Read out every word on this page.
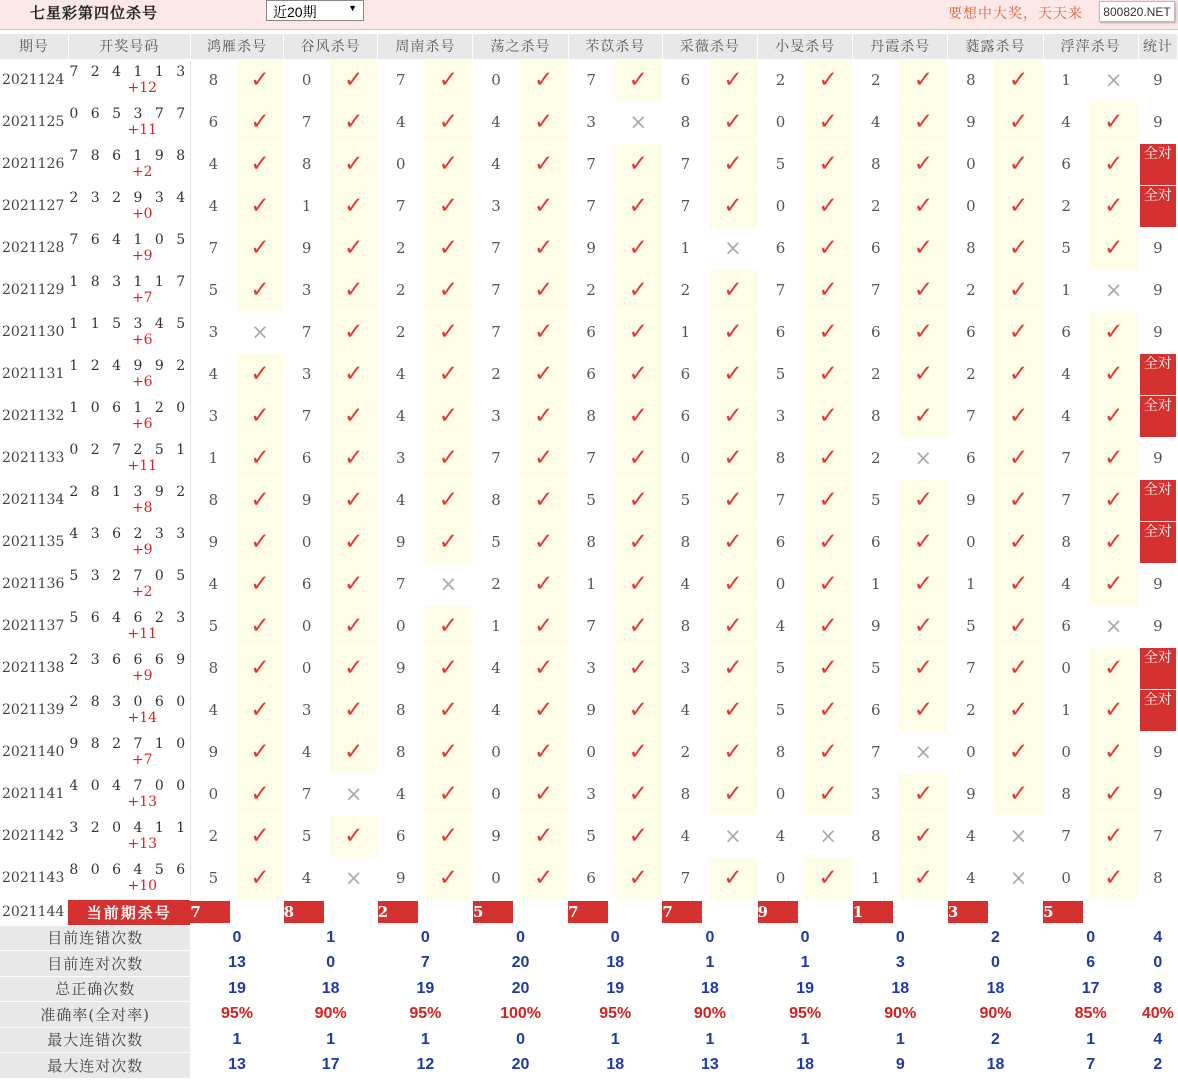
七星彩第四位杀号	近20期	▼	要想中大奖，天天来	800820.NET
期号	开奖号码	鸿雁杀号		谷风杀号		周南杀号		荡之杀号		芣苡杀号		采薇杀号		小旻杀号		丹霞杀号		蕤露杀号		浮萍杀号		统计
2021124	7 2 4 1 1 3
+12	8	✓	0	✓	7	✓	0	✓	7	✓	6	✓	2	✓	2	✓	8	✓	1	×	9
2021125	0 6 5 3 7 7
+11	6	✓	7	✓	4	✓	4	✓	3	×	8	✓	0	✓	4	✓	9	✓	4	✓	9
2021126	7 8 6 1 9 8
+2	4	✓	8	✓	0	✓	4	✓	7	✓	7	✓	5	✓	8	✓	0	✓	6	✓	全对

2021127	2 3 2 9 3 4
+0	4	✓	1	✓	7	✓	3	✓	7	✓	7	✓	0	✓	2	✓	0	✓	2	✓	全对

2021128	7 6 4 1 0 5
+9	7	✓	9	✓	2	✓	7	✓	9	✓	1	×	6	✓	6	✓	8	✓	5	✓	9
2021129	1 8 3 1 1 7
+7	5	✓	3	✓	2	✓	7	✓	2	✓	2	✓	7	✓	7	✓	2	✓	1	×	9
2021130	1 1 5 3 4 5
+6	3	×	7	✓	2	✓	7	✓	6	✓	1	✓	6	✓	6	✓	6	✓	6	✓	9
2021131	1 2 4 9 9 2
+6	4	✓	3	✓	4	✓	2	✓	6	✓	6	✓	5	✓	2	✓	2	✓	4	✓	全对

2021132	1 0 6 1 2 0
+6	3	✓	7	✓	4	✓	3	✓	8	✓	6	✓	3	✓	8	✓	7	✓	4	✓	全对

2021133	0 2 7 2 5 1
+11	1	✓	6	✓	3	✓	7	✓	7	✓	0	✓	8	✓	2	×	6	✓	7	✓	9
2021134	2 8 1 3 9 2
+8	8	✓	9	✓	4	✓	8	✓	5	✓	5	✓	7	✓	5	✓	9	✓	7	✓	全对

2021135	4 3 6 2 3 3
+9	9	✓	0	✓	9	✓	5	✓	8	✓	8	✓	6	✓	6	✓	0	✓	8	✓	全对

2021136	5 3 2 7 0 5
+2	4	✓	6	✓	7	×	2	✓	1	✓	4	✓	0	✓	1	✓	1	✓	4	✓	9
2021137	5 6 4 6 2 3
+11	5	✓	0	✓	0	✓	1	✓	7	✓	8	✓	4	✓	9	✓	5	✓	6	×	9
2021138	2 3 6 6 6 9
+9	8	✓	0	✓	9	✓	4	✓	3	✓	3	✓	5	✓	5	✓	7	✓	0	✓	全对

2021139	2 8 3 0 6 0
+14	4	✓	3	✓	8	✓	4	✓	9	✓	4	✓	5	✓	6	✓	2	✓	1	✓	全对

2021140	9 8 2 7 1 0
+7	9	✓	4	✓	8	✓	0	✓	0	✓	2	✓	8	✓	7	×	0	✓	0	✓	9
2021141	4 0 4 7 0 0
+13	0	✓	7	×	4	✓	0	✓	3	✓	8	✓	0	✓	3	✓	9	✓	8	✓	9
2021142	3 2 0 4 1 1
+13	2	✓	5	✓	6	✓	9	✓	5	✓	4	×	4	×	8	✓	4	×	7	✓	7
2021143	8 0 6 4 5 6
+10	5	✓	4	×	9	✓	0	✓	6	✓	7	✓	0	✓	1	✓	4	×	0	✓	8
2021144	当前期杀号	7		8		2		5		7		7		9		1		3		5		
目前连错次数		0		1		0		0		0		0		0		0		2		0		4
目前连对次数		13		0		7		20		18		1		1		3		0		6		0
总正确次数		19		18		19		20		19		18		19		18		18		17		8
准确率(全对率)		95%		90%		95%		100%		95%		90%		95%		90%		90%		85%		40%
最大连错次数		1		1		1		0		1		1		1		1		2		1		4
最大连对次数		13		17		12		20		18		13		18		9		18		7		2
